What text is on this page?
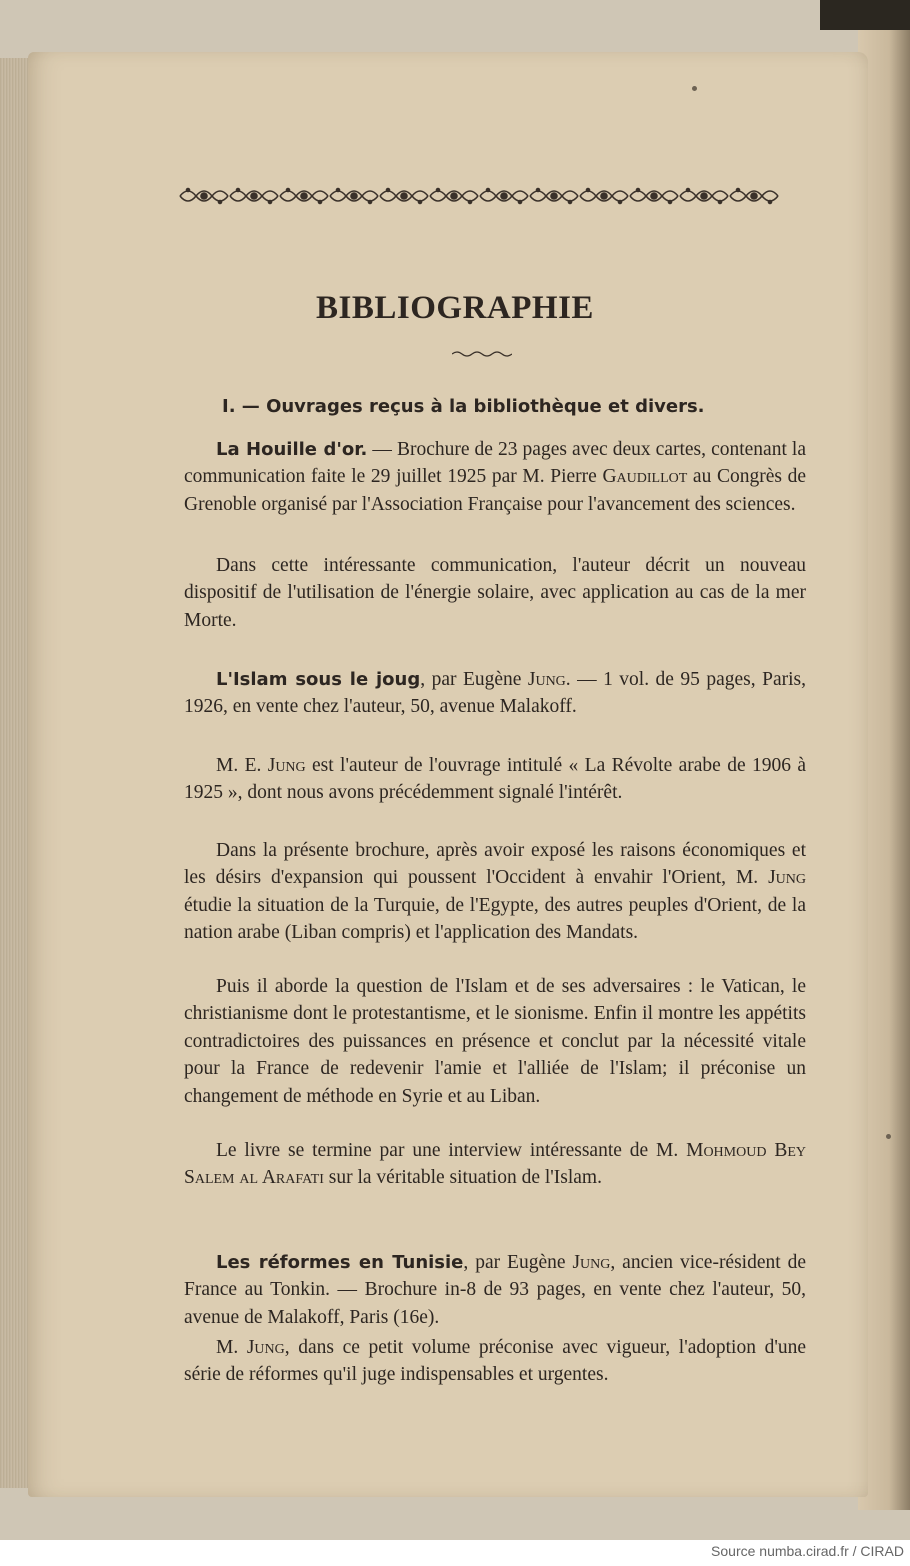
BIBLIOGRAPHIE
I. — Ouvrages reçus à la bibliothèque et divers.
La Houille d'or. — Brochure de 23 pages avec deux cartes, contenant la communication faite le 29 juillet 1925 par M. Pierre Gaudillot au Congrès de Grenoble organisé par l'Association Française pour l'avancement des sciences.
Dans cette intéressante communication, l'auteur décrit un nouveau dispositif de l'utilisation de l'énergie solaire, avec application au cas de la mer Morte.
L'Islam sous le joug, par Eugène Jung. — 1 vol. de 95 pages, Paris, 1926, en vente chez l'auteur, 50, avenue Malakoff.
M. E. Jung est l'auteur de l'ouvrage intitulé « La Révolte arabe de 1906 à 1925 », dont nous avons précédemment signalé l'intérêt.
Dans la présente brochure, après avoir exposé les raisons économiques et les désirs d'expansion qui poussent l'Occident à envahir l'Orient, M. Jung étudie la situation de la Turquie, de l'Egypte, des autres peuples d'Orient, de la nation arabe (Liban compris) et l'application des Mandats.
Puis il aborde la question de l'Islam et de ses adversaires : le Vatican, le christianisme dont le protestantisme, et le sionisme. Enfin il montre les appétits contradictoires des puissances en présence et conclut par la nécessité vitale pour la France de redevenir l'amie et l'alliée de l'Islam; il préconise un changement de méthode en Syrie et au Liban.
Le livre se termine par une interview intéressante de M. Mohmoud Bey Salem al Arafati sur la véritable situation de l'Islam.
Les réformes en Tunisie, par Eugène Jung, ancien vice-résident de France au Tonkin. — Brochure in-8 de 93 pages, en vente chez l'auteur, 50, avenue de Malakoff, Paris (16e).
M. Jung, dans ce petit volume préconise avec vigueur, l'adoption d'une série de réformes qu'il juge indispensables et urgentes.
Source numba.cirad.fr / CIRAD
